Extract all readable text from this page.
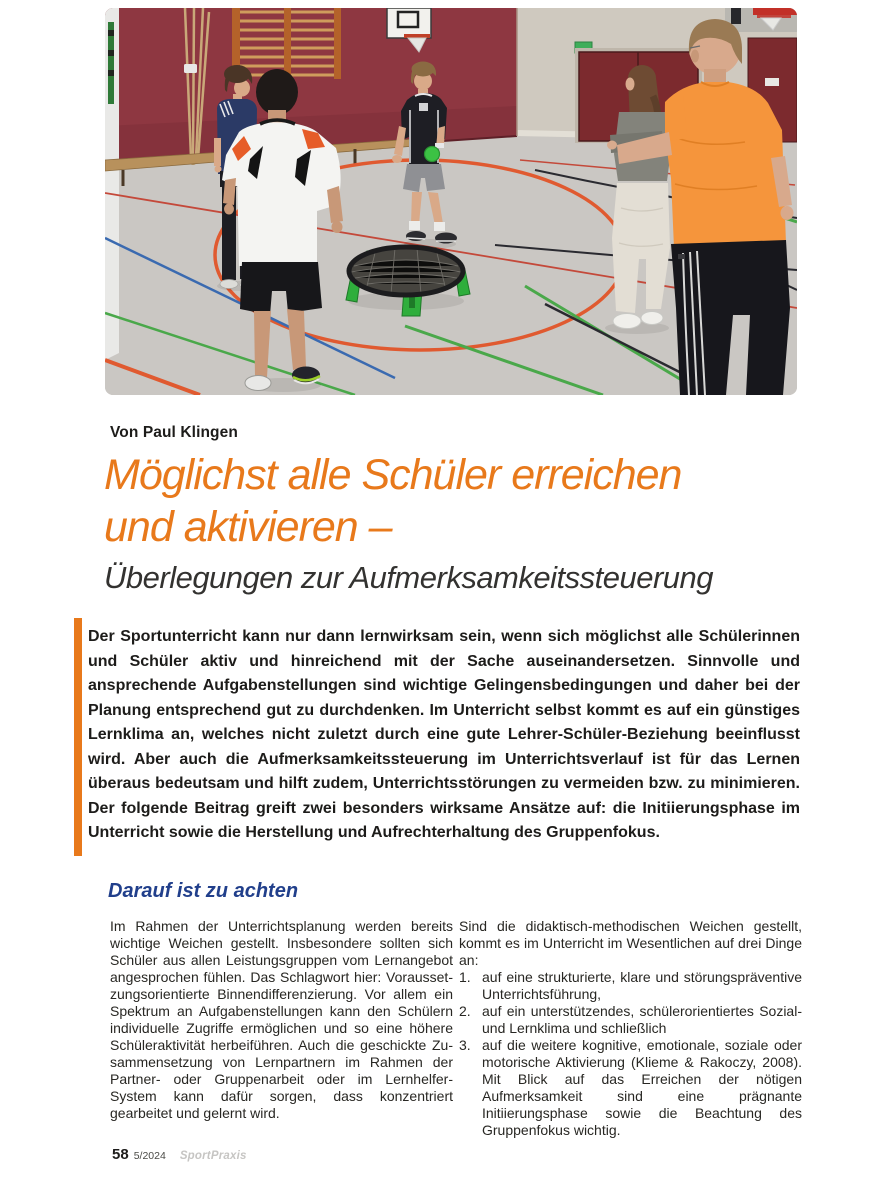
Von Paul Klingen
Möglichst alle Schüler erreichen
und aktivieren –
Überlegungen zur Aufmerksamkeitssteuerung
Der Sportunterricht kann nur dann lernwirksam sein, wenn sich möglichst alle Schülerinnen und Schüler aktiv und hinreichend mit der Sache auseinandersetzen. Sinnvolle und ansprechende Aufgabenstellungen sind wichtige Gelingensbedingungen und daher bei der Planung entsprechend gut zu durchdenken. Im Unterricht selbst kommt es auf ein günstiges Lernklima an, welches nicht zuletzt durch eine gute Lehrer-Schüler-Beziehung beeinflusst wird. Aber auch die Aufmerksamkeitssteuerung im Unterrichtsverlauf ist für das Lernen überaus bedeutsam und hilft zudem, Unterrichtsstörungen zu vermeiden bzw. zu minimieren. Der folgende Beitrag greift zwei besonders wirksame Ansätze auf: die Initiierungsphase im Unterricht sowie die Herstellung und Aufrechterhaltung des Gruppenfokus.
Darauf ist zu achten
Im Rahmen der Unterrichtsplanung werden bereits wichtige Weichen gestellt. Insbesondere sollten sich Schüler aus allen Leistungsgruppen vom Lernangebot angesprochen fühlen. Das Schlagwort hier: Voraussetzungsorientierte Binnendifferenzierung. Vor allem ein Spektrum an Aufgabenstellungen kann den Schülern individuelle Zugriffe ermöglichen und so eine höhere Schüleraktivität herbeiführen. Auch die geschickte Zusammensetzung von Lernpartnern im Rahmen der Partner- oder Gruppenarbeit oder im Lernhelfer-System kann dafür sorgen, dass konzentriert gearbeitet und gelernt wird.

Sind die didaktisch-methodischen Weichen gestellt, kommt es im Unterricht im Wesentlichen auf drei Dinge an:

1. auf eine strukturierte, klare und störungspräventive Unterrichtsführung,
2. auf ein unterstützendes, schülerorientiertes Sozial- und Lernklima und schließlich
3. auf die weitere kognitive, emotionale, soziale oder motorische Aktivierung (Klieme & Rakoczy, 2008). Mit Blick auf das Erreichen der nötigen Aufmerksamkeit sind eine prägnante Initiierungsphase sowie die Beachtung des Gruppenfokus wichtig.
58 5/2024 SportPraxis
